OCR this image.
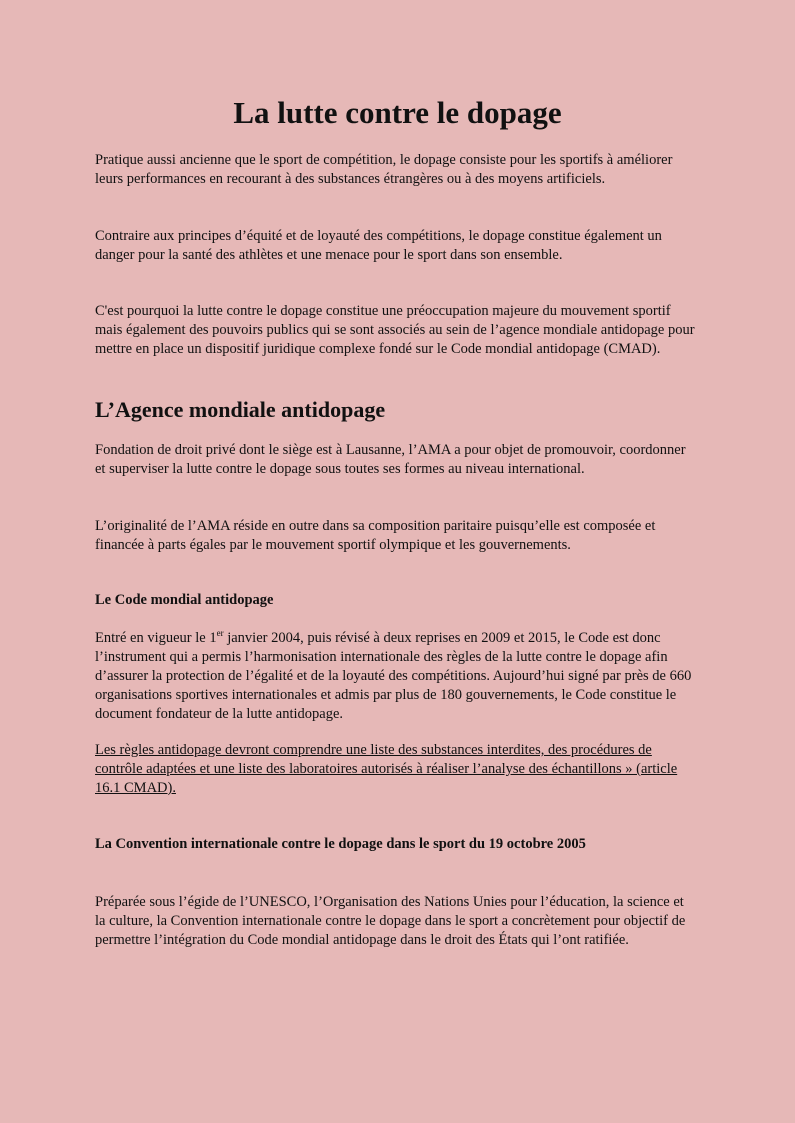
La lutte contre le dopage

Pratique aussi ancienne que le sport de compétition, le dopage consiste pour les sportifs à améliorer leurs performances en recourant à des substances étrangères ou à des moyens artificiels.

Contraire aux principes d’équité et de loyauté des compétitions, le dopage constitue également un danger pour la santé des athlètes et une menace pour le sport dans son ensemble.

C'est pourquoi la lutte contre le dopage constitue une préoccupation majeure du mouvement sportif mais également des pouvoirs publics qui se sont associés au sein de l’agence mondiale antidopage pour mettre en place un dispositif juridique complexe fondé sur le Code mondial antidopage (CMAD).

L’Agence mondiale antidopage

Fondation de droit privé dont le siège est à Lausanne, l’AMA a pour objet de promouvoir, coordonner et superviser la lutte contre le dopage sous toutes ses formes au niveau international.

L’originalité de l’AMA réside en outre dans sa composition paritaire puisqu’elle est composée et financée à parts égales par le mouvement sportif olympique et les gouvernements.

Le Code mondial antidopage

Entré en vigueur le 1er janvier 2004, puis révisé à deux reprises en 2009 et 2015, le Code est donc l’instrument qui a permis l’harmonisation internationale des règles de la lutte contre le dopage afin d’assurer la protection de l’égalité et de la loyauté des compétitions. Aujourd’hui signé par près de 660 organisations sportives internationales et admis par plus de 180 gouvernements, le Code constitue le document fondateur de la lutte antidopage.

Les règles antidopage devront comprendre une liste des substances interdites, des procédures de contrôle adaptées et une liste des laboratoires autorisés à réaliser l’analyse des échantillons » (article 16.1 CMAD).

La Convention internationale contre le dopage dans le sport du 19 octobre 2005

Préparée sous l’égide de l’UNESCO, l’Organisation des Nations Unies pour l’éducation, la science et la culture, la Convention internationale contre le dopage dans le sport a concrètement pour objectif de permettre l’intégration du Code mondial antidopage dans le droit des États qui l’ont ratifiée.
